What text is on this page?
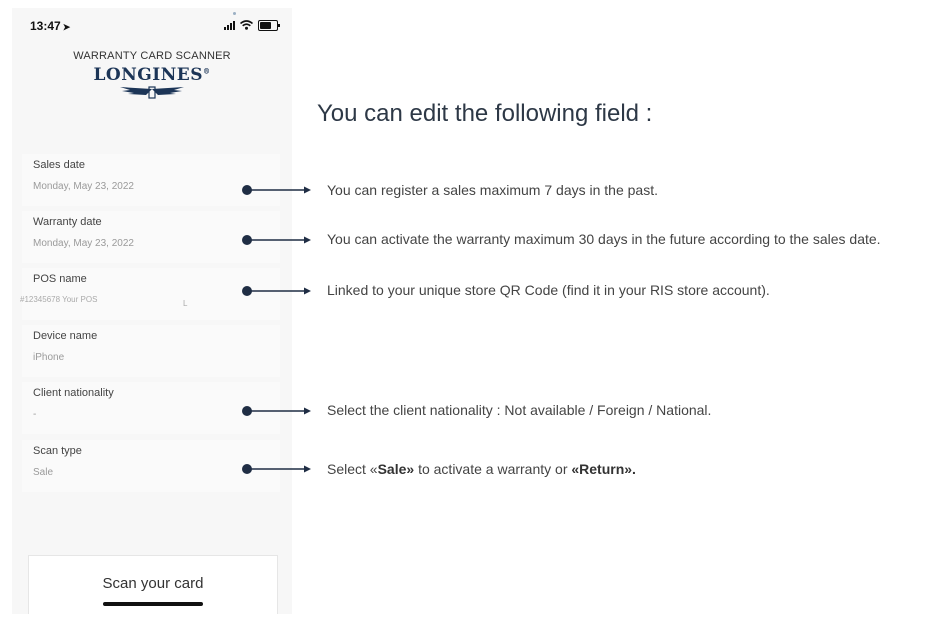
13:47 ➤
WARRANTY CARD SCANNER
LONGINES®
Sales date
Monday, May 23, 2022
Warranty date
Monday, May 23, 2022
POS name
#12345678 Your POS	L
Device name
iPhone
Client nationality
-
Scan type
Sale
Scan your card
You can edit the following field :
You can register a sales maximum 7 days in the past.
You can activate the warranty maximum 30 days in the future according to the sales date.
Linked to your unique store QR Code (find it in your RIS store account).
Select the client nationality : Not available / Foreign / National.
Select «Sale» to activate a warranty or «Return».
